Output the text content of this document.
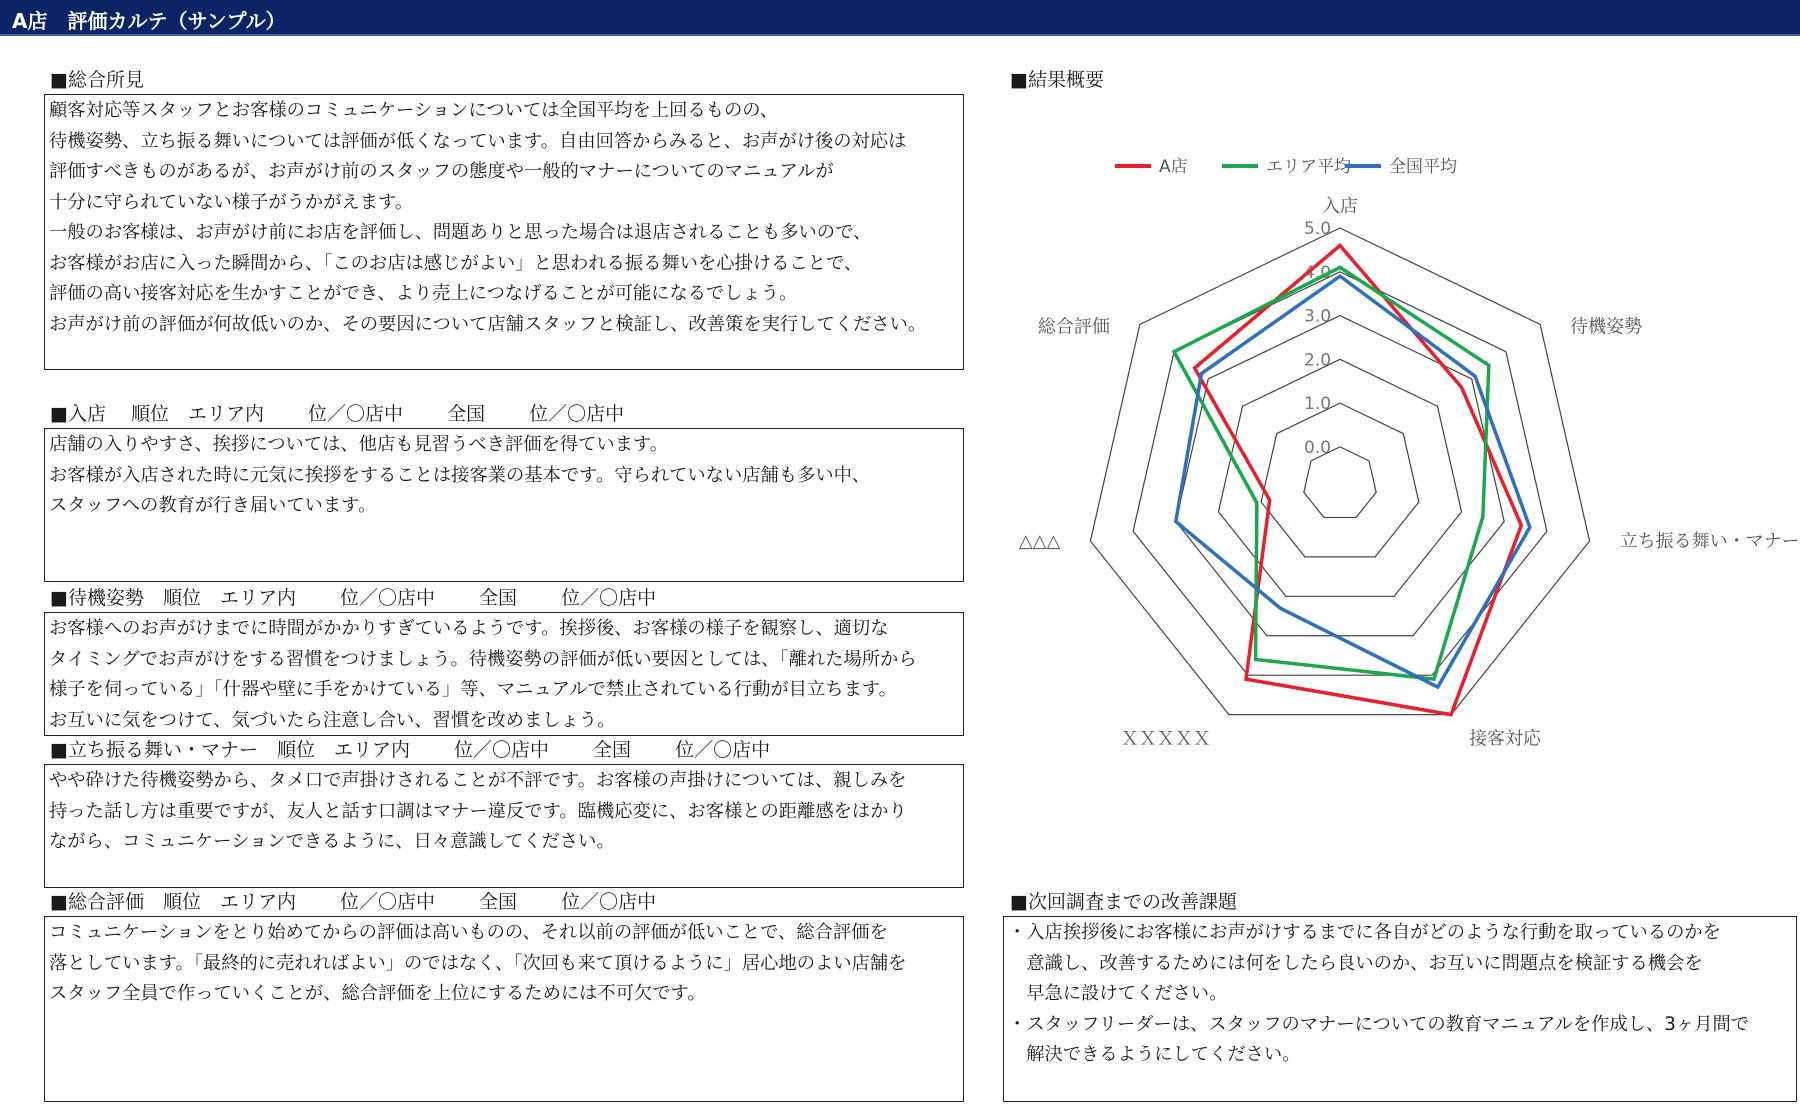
A店　評価カルテ（サンプル）
■総合所見
顧客対応等スタッフとお客様のコミュニケーションについては全国平均を上回るものの、
待機姿勢、立ち振る舞いについては評価が低くなっています。自由回答からみると、お声がけ後の対応は
評価すべきものがあるが、お声がけ前のスタッフの態度や一般的マナーについてのマニュアルが
十分に守られていない様子がうかがえます。
一般のお客様は、お声がけ前にお店を評価し、問題ありと思った場合は退店されることも多いので、
お客様がお店に入った瞬間から、「このお店は感じがよい」と思われる振る舞いを心掛けることで、
評価の高い接客対応を生かすことができ、より売上につなげることが可能になるでしょう。
お声がけ前の評価が何故低いのか、その要因について店舗スタッフと検証し、改善策を実行してください。
■入店　 順位　エリア内　　 位／〇店中　　 全国　　 位／〇店中
店舗の入りやすさ、挨拶については、他店も見習うべき評価を得ています。
お客様が入店された時に元気に挨拶をすることは接客業の基本です。守られていない店舗も多い中、
スタッフへの教育が行き届いています。
■待機姿勢　順位　エリア内　　 位／〇店中　　 全国　　 位／〇店中
お客様へのお声がけまでに時間がかかりすぎているようです。挨拶後、お客様の様子を観察し、適切な
タイミングでお声がけをする習慣をつけましょう。待機姿勢の評価が低い要因としては、「離れた場所から
様子を伺っている」「什器や壁に手をかけている」等、マニュアルで禁止されている行動が目立ちます。
お互いに気をつけて、気づいたら注意し合い、習慣を改めましょう。
■立ち振る舞い・マナー　順位　エリア内　　 位／〇店中　　 全国　　 位／〇店中
やや砕けた待機姿勢から、タメ口で声掛けされることが不評です。お客様の声掛けについては、親しみを
持った話し方は重要ですが、友人と話す口調はマナー違反です。臨機応変に、お客様との距離感をはかり
ながら、コミュニケーションできるように、日々意識してください。
■総合評価　順位　エリア内　　 位／〇店中　　 全国　　 位／〇店中
コミュニケーションをとり始めてからの評価は高いものの、それ以前の評価が低いことで、総合評価を
落としています。「最終的に売れればよい」のではなく、「次回も来て頂けるように」居心地のよい店舗を
スタッフ全員で作っていくことが、総合評価を上位にするためには不可欠です。
■結果概要
A店	エリア平均 全国平均
0.0
1.0
2.0
3.0
4.0
5.0
入店
待機姿勢
立ち振る舞い・マナー
接客対応
ＸＸＸＸＸ
△△△
総合評価
■次回調査までの改善課題
・入店挨拶後にお客様にお声がけするまでに各自がどのような行動を取っているのかを
　意識し、改善するためには何をしたら良いのか、お互いに問題点を検証する機会を
　早急に設けてください。
・スタッフリーダーは、スタッフのマナーについての教育マニュアルを作成し、3ヶ月間で
　解決できるようにしてください。
